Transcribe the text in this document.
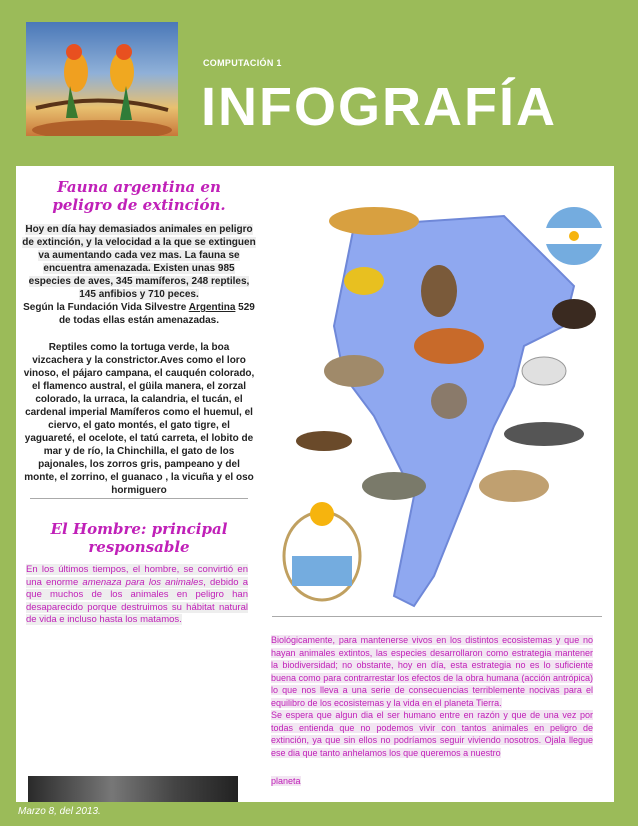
COMPUTACIÓN 1
INFOGRAFÍA
Fauna argentina en peligro de extinción.

Hoy en día hay demasiados animales en peligro de extinción, y la velocidad a la que se extinguen va aumentando cada vez mas. La fauna se encuentra amenazada. Existen unas 985 especies de aves, 345 mamíferos, 248 reptiles, 145 anfibios y 710 peces.

Según la Fundación Vida Silvestre Argentina 529 de todas ellas están amenazadas.

Reptiles como la tortuga verde, la boa vizcachera y la constrictor.Aves como el loro vinoso, el pájaro campana, el cauquén colorado, el flamenco austral, el güila manera, el zorzal colorado, la urraca, la calandria, el tucán, el cardenal imperial Mamíferos como el huemul, el ciervo, el gato montés, el gato tigre, el yaguareté, el ocelote, el tatú carreta, el lobito de mar y de río, la Chinchilla, el gato de los pajonales, los zorros gris, pampeano y del monte, el zorrino, el guanaco , la vicuña y el oso hormiguero
El Hombre: principal responsable
En los últimos tiempos, el hombre, se convirtió en una enorme amenaza para los animales, debido a que muchos de los animales en peligro han desaparecido porque destruimos su hábitat natural de vida e incluso hasta los matamos.

Biológicamente, para mantenerse vivos en los distintos ecosistemas y que no hayan animales extintos, las especies desarrollaron como estrategia mantener la biodiversidad; no obstante, hoy en día, esta estrategia no es lo suficiente buena como para contrarrestar los efectos de la obra humana (acción antrópica) lo que nos lleva a una serie de consecuencias terriblemente nocivas para el equilibro de los ecosistemas y la vida en el planeta Tierra.

Se espera que algun dia el ser humano entre en razón y que de una vez por todas entienda que no podemos vivir con tantos animales en peligro de extinción, ya que sin ellos no podríamos seguir viviendo nosotros. Ojala llegue ese dia que tanto anhelamos los que queremos a nuestro

planeta
Marzo 8, del 2013.
